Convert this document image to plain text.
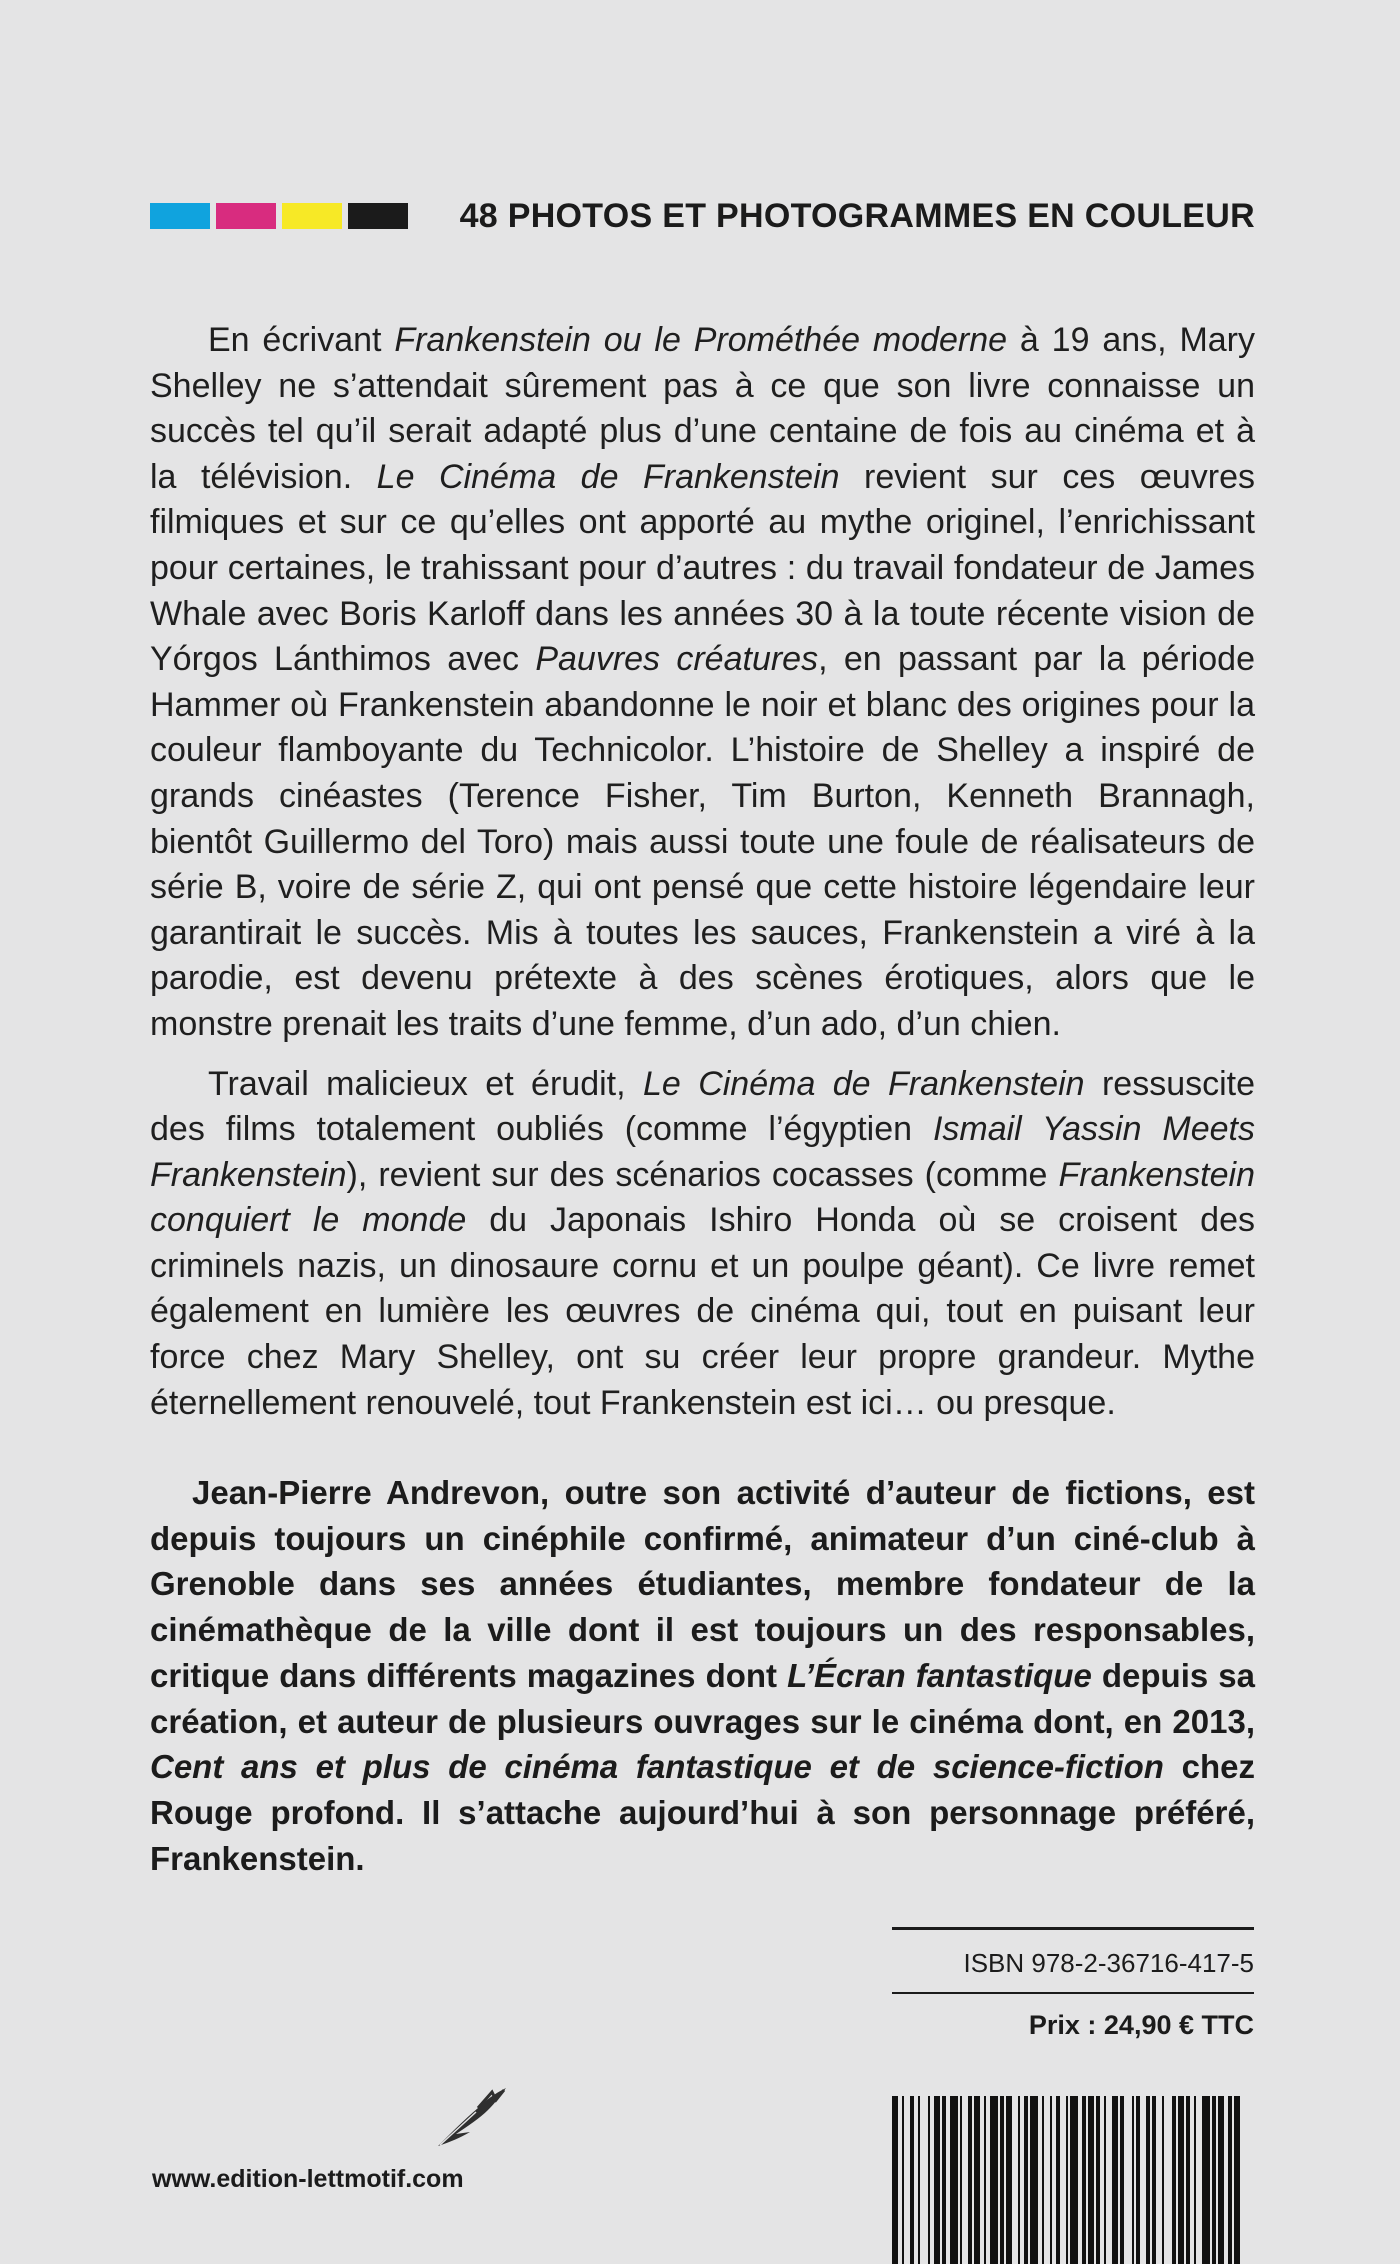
48 PHOTOS ET PHOTOGRAMMES EN COULEUR

En écrivant Frankenstein ou le Prométhée moderne à 19 ans, Mary Shelley ne s’attendait sûrement pas à ce que son livre connaisse un succès tel qu’il serait adapté plus d’une centaine de fois au cinéma et à la télévision. Le Cinéma de Frankenstein revient sur ces œuvres filmiques et sur ce qu’elles ont apporté au mythe originel, l’enrichissant pour certaines, le trahissant pour d’autres : du travail fondateur de James Whale avec Boris Karloff dans les années 30 à la toute récente vision de Yórgos Lánthimos avec Pauvres créatures, en passant par la période Hammer où Frankenstein abandonne le noir et blanc des origines pour la couleur flamboyante du Technicolor. L’histoire de Shelley a inspiré de grands cinéastes (Terence Fisher, Tim Burton, Kenneth Brannagh, bientôt Guillermo del Toro) mais aussi toute une foule de réalisateurs de série B, voire de série Z, qui ont pensé que cette histoire légendaire leur garantirait le succès. Mis à toutes les sauces, Frankenstein a viré à la parodie, est devenu prétexte à des scènes érotiques, alors que le monstre prenait les traits d’une femme, d’un ado, d’un chien.

Travail malicieux et érudit, Le Cinéma de Frankenstein ressuscite des films totalement oubliés (comme l’égyptien Ismail Yassin Meets Frankenstein), revient sur des scénarios cocasses (comme Frankenstein conquiert le monde du Japonais Ishiro Honda où se croisent des criminels nazis, un dinosaure cornu et un poulpe géant). Ce livre remet également en lumière les œuvres de cinéma qui, tout en puisant leur force chez Mary Shelley, ont su créer leur propre grandeur. Mythe éternellement renouvelé, tout Frankenstein est ici… ou presque.

Jean-Pierre Andrevon, outre son activité d’auteur de fictions, est depuis toujours un cinéphile confirmé, animateur d’un ciné-club à Grenoble dans ses années étudiantes, membre fondateur de la cinémathèque de la ville dont il est toujours un des responsables, critique dans différents magazines dont L’Écran fantastique depuis sa création, et auteur de plusieurs ouvrages sur le cinéma dont, en 2013, Cent ans et plus de cinéma fantastique et de science-fiction chez Rouge profond. Il s’attache aujourd’hui à son personnage préféré, Frankenstein.
www.edition-lettmotif.com
ISBN 978-2-36716-417-5
Prix : 24,90 € TTC
